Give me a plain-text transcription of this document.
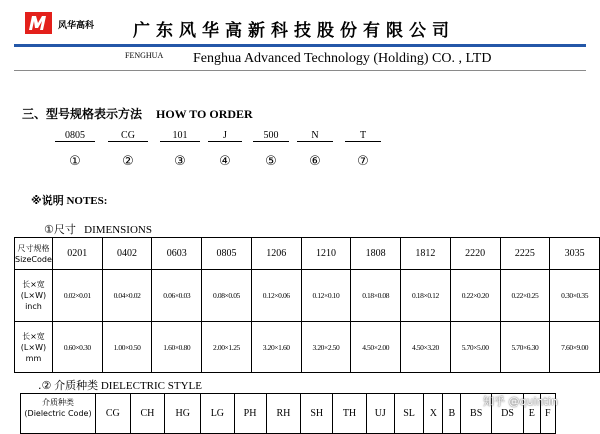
风华高科 广东风华高新科技股份有限公司
FENGHUA Fenghua Advanced Technology (Holding) CO. , LTD
三、型号规格表示方法 HOW TO ORDER
0805	CG	101	J	500	N	T
①	②	③	④	⑤	⑥	⑦
※说明 NOTES:
①尺寸 DIMENSIONS
尺寸规格
SizeCode	0201	0402	0603	0805	1206	1210	1808	1812	2220	2225	3035

长×宽
(L×W)
inch	0.02×0.01	0.04×0.02	0.06×0.03	0.08×0.05	0.12×0.06	0.12×0.10	0.18×0.08	0.18×0.12	0.22×0.20	0.22×0.25	0.30×0.35

长×宽
(L×W)
mm	0.60×0.30	1.00×0.50	1.60×0.80	2.00×1.25	3.20×1.60	3.20×2.50	4.50×2.00	4.50×3.20	5.70×5.00	5.70×6.30	7.60×9.00
.② 介质种类 DIELECTRIC STYLE
介质种类
(Dielectric Code)	CG	CH	HG	LG	PH	RH	SH	TH	UJ	SL	X	B	BS	DS	E	F
知乎 @quintin
